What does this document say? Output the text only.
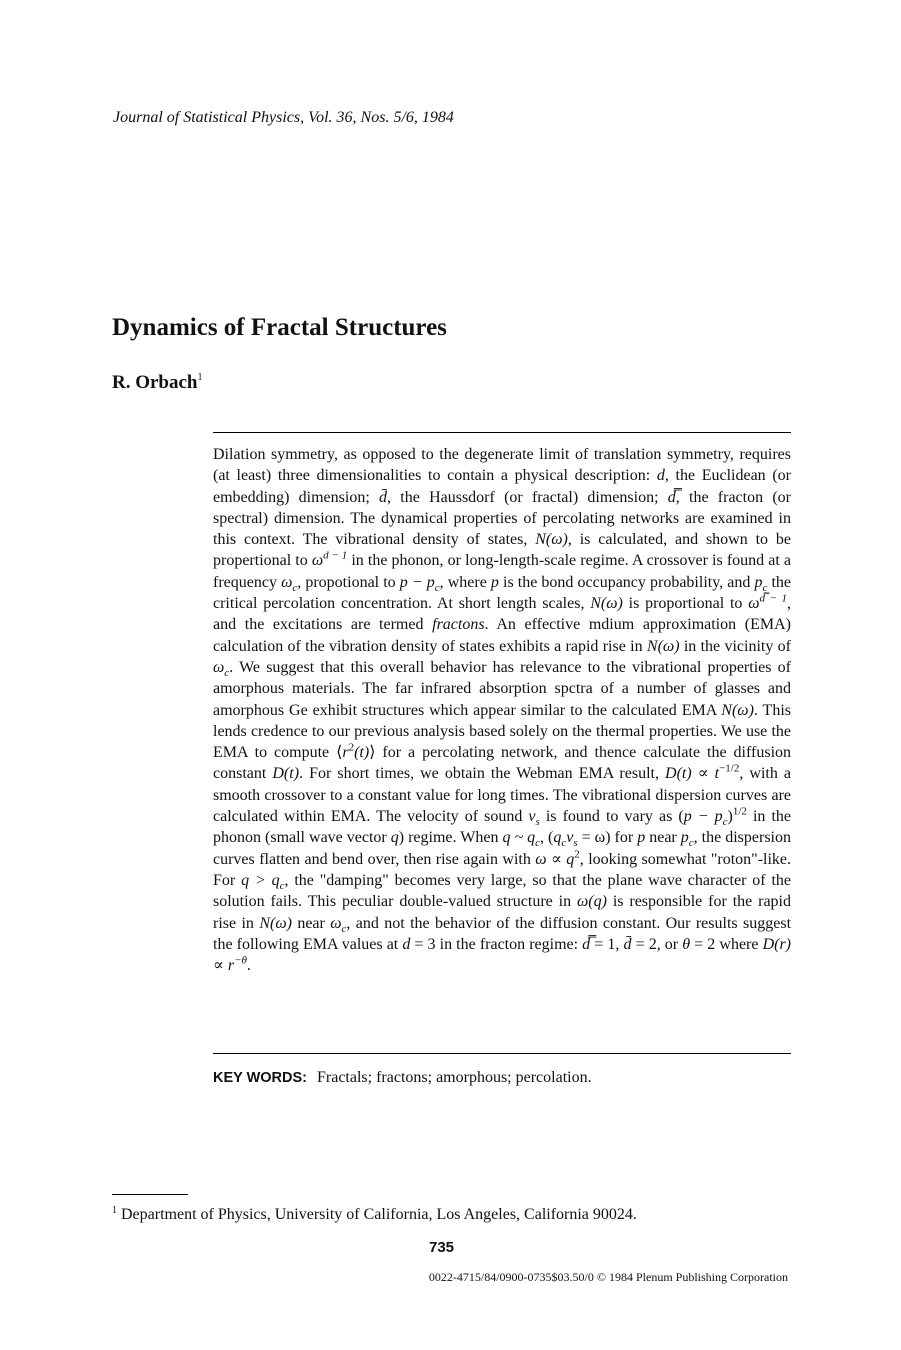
Journal of Statistical Physics, Vol. 36, Nos. 5/6, 1984
Dynamics of Fractal Structures
R. Orbach$^1$
Dilation symmetry, as opposed to the degenerate limit of translation symmetry, requires (at least) three dimensionalities to contain a physical description: d, the Euclidean (or embedding) dimension; d̄, the Haussdorf (or fractal) dimension; d̿, the fracton (or spectral) dimension. The dynamical properties of percolating networks are examined in this context. The vibrational density of states, N(ω), is calculated, and shown to be propertional to $\omega^{d - 1}$ in the phonon, or long-length-scale regime. A crossover is found at a frequency $\omega_c$, propotional to $p - p_c$, where p is the bond occupancy probability, and $p_c$ the critical percolation concentration. At short length scales, N(ω) is proportional to $\omega^{d̿ - 1}$, and the excitations are termed fractons. An effective mdium approximation (EMA) calculation of the vibration density of states exhibits a rapid rise in N(ω) in the vicinity of $\omega_c$. We suggest that this overall behavior has relevance to the vibrational properties of amorphous materials. The far infrared absorption spctra of a number of glasses and amorphous Ge exhibit structures which appear similar to the calculated EMA N(ω). This lends credence to our previous analysis based solely on the thermal properties. We use the EMA to compute $⟨r^2(t)⟩$ for a percolating network, and thence calculate the diffusion constant D(t). For short times, we obtain the Webman EMA result, $D(t) \propto t^{-1/2}$, with a smooth crossover to a constant value for long times. The vibrational dispersion curves are calculated within EMA. The velocity of sound $v_s$ is found to vary as $(p - p_c)^{1/2}$ in the phonon (small wave vector q) regime. When q ~ $q_c$, $(q_cv_s = \omega)$ for p near $p_c$, the dispersion curves flatten and bend over, then rise again with $\omega \propto q^2$, looking somewhat "roton"-like. For $q > q_c$, the "damping" becomes very large, so that the plane wave character of the solution fails. This peculiar double-valued structure in ω(q) is responsible for the rapid rise in N(ω) near $\omega_c$, and not the behavior of the diffusion constant. Our results suggest the following EMA values at d = 3 in the fracton regime: d̿ = 1, d̄ = 2, or θ = 2 where $D(r) \propto r^{-\theta}$.
KEY WORDS: Fractals; fractons; amorphous; percolation.
$^1$ Department of Physics, University of California, Los Angeles, California 90024.
735
0022-4715/84/0900-0735$03.50/0 © 1984 Plenum Publishing Corporation
